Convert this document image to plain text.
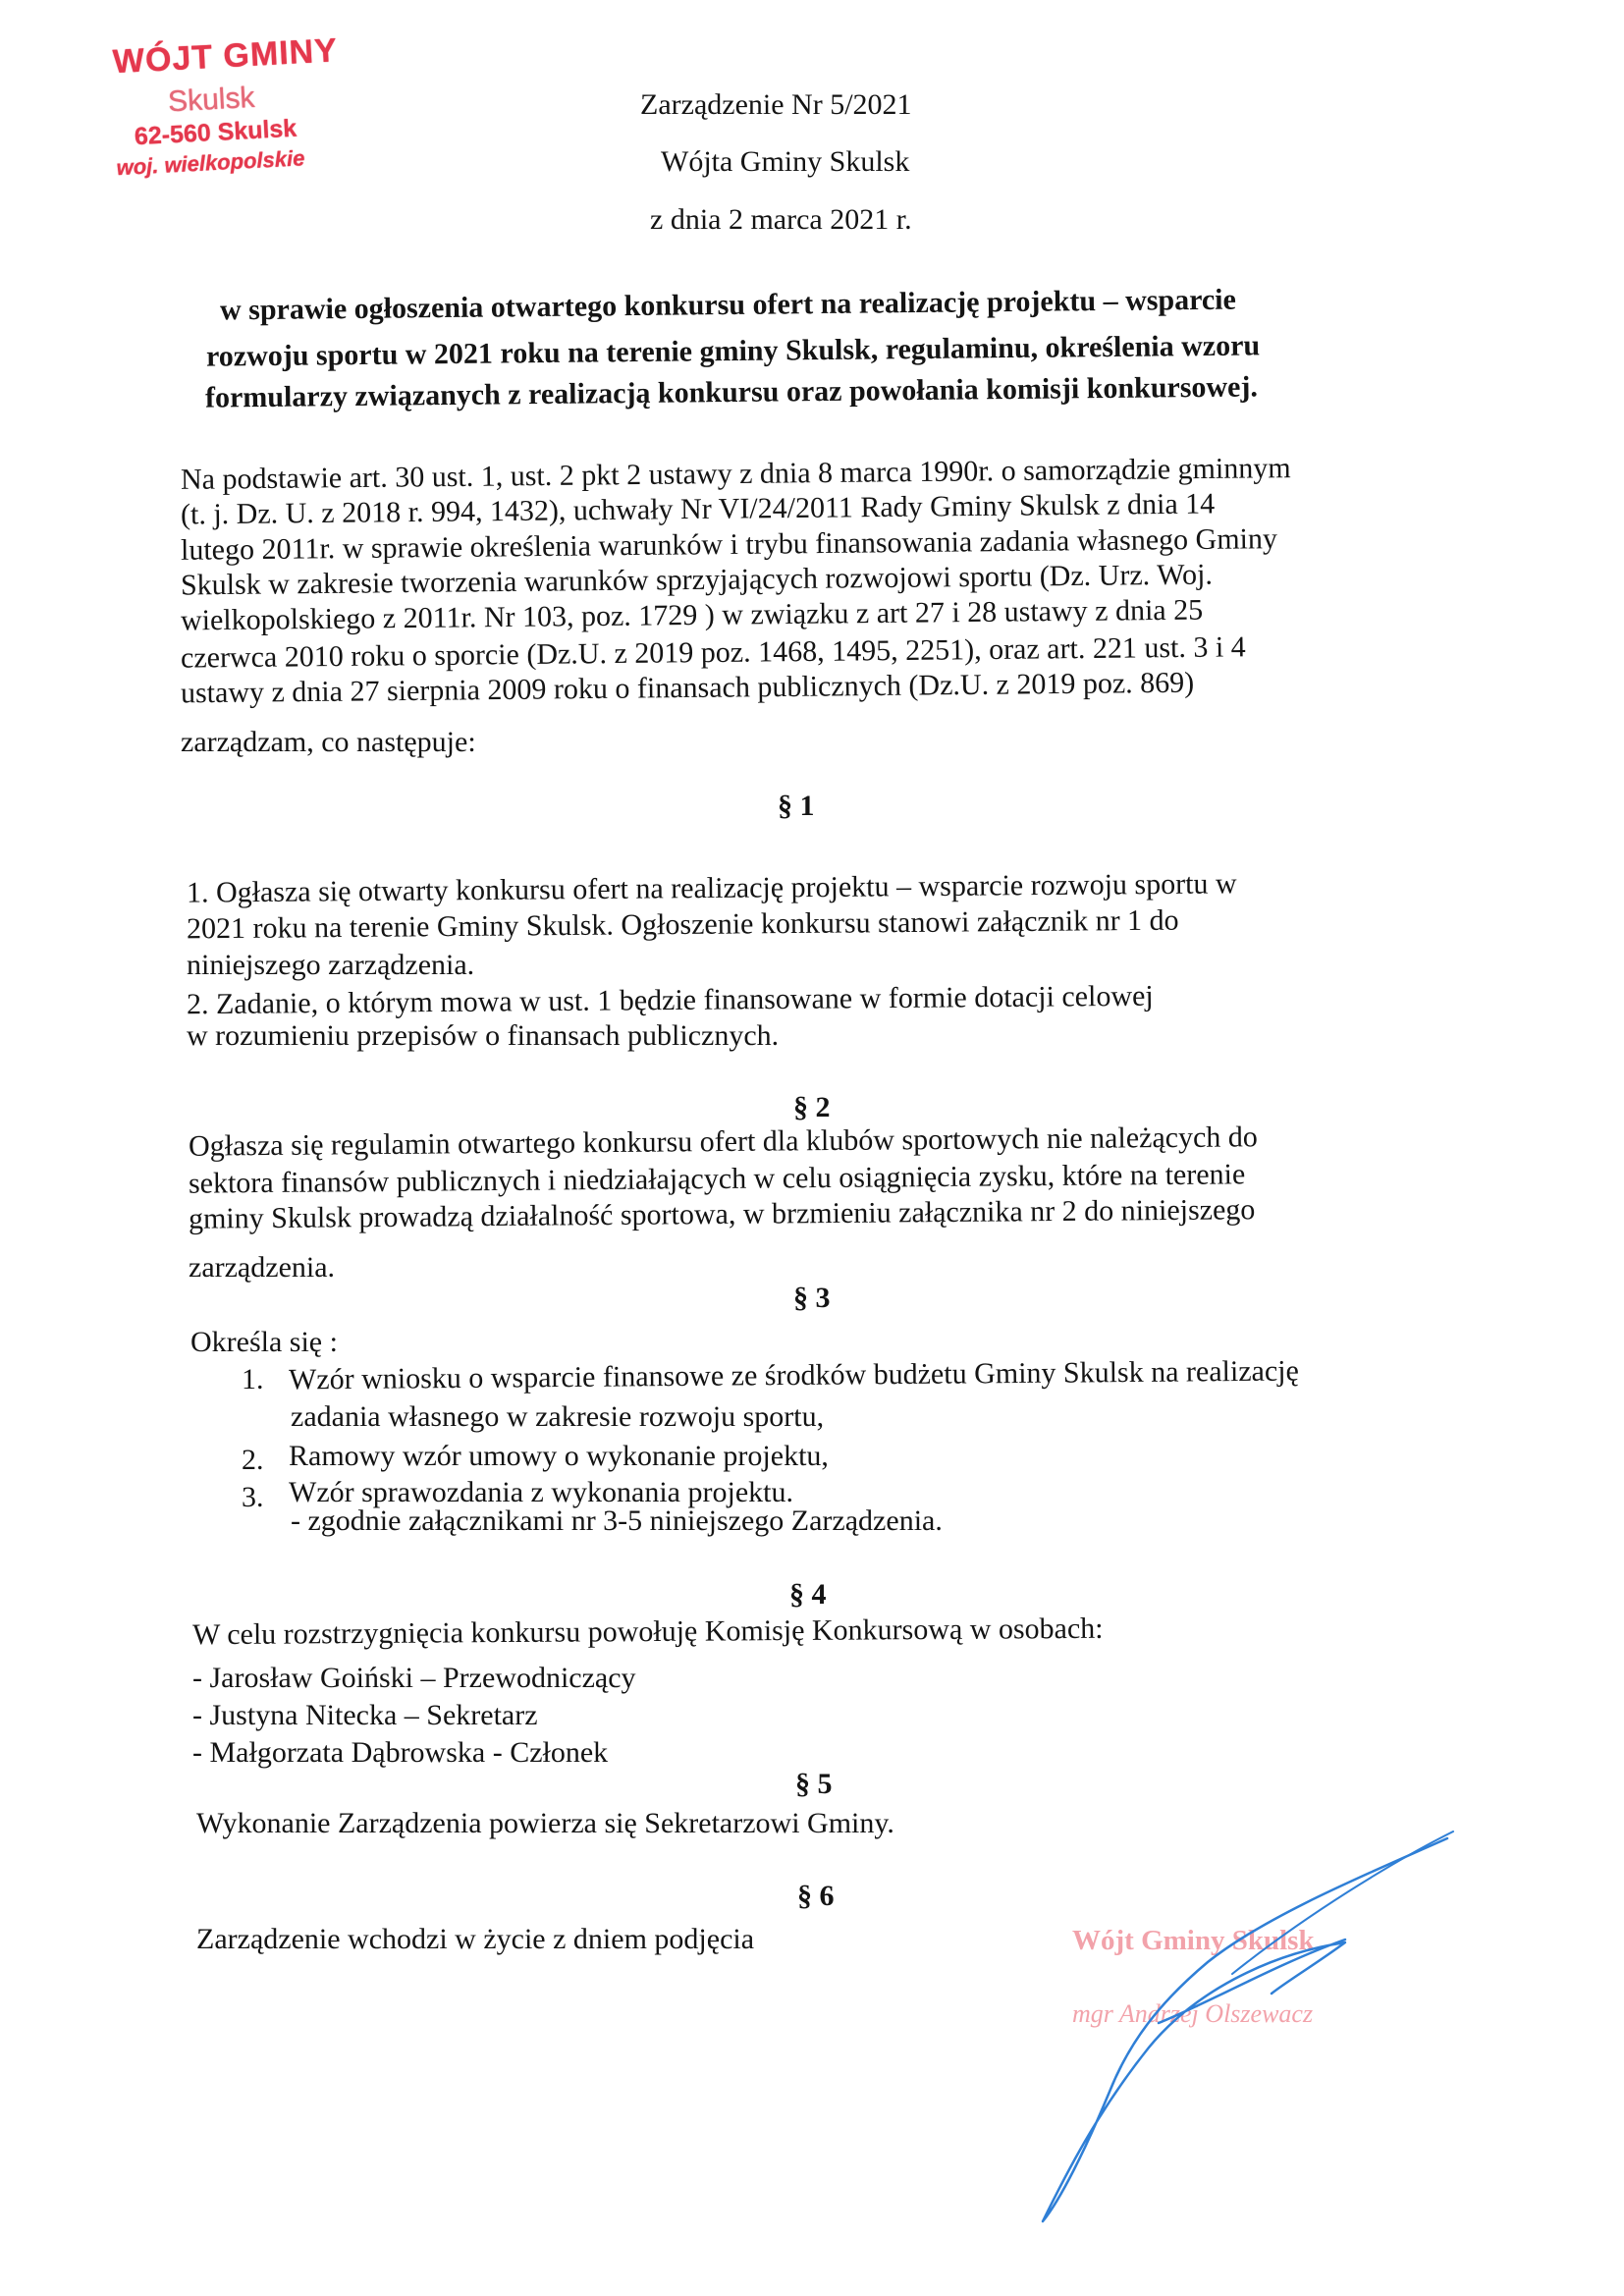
WÓJT GMINY
Skulsk
62-560 Skulsk
woj. wielkopolskie
Zarządzenie Nr 5/2021
Wójta Gminy Skulsk
z dnia 2 marca 2021 r.
w sprawie ogłoszenia otwartego konkursu ofert na realizację projektu – wsparcie
rozwoju sportu w 2021 roku na terenie gminy Skulsk, regulaminu, określenia wzoru
formularzy związanych z realizacją konkursu oraz powołania komisji konkursowej.
Na podstawie art. 30 ust. 1, ust. 2 pkt 2 ustawy z dnia 8 marca 1990r. o samorządzie gminnym
(t. j. Dz. U. z 2018 r. 994, 1432), uchwały Nr VI/24/2011 Rady Gminy Skulsk z dnia 14
lutego 2011r. w sprawie określenia warunków i trybu finansowania zadania własnego Gminy
Skulsk w zakresie tworzenia warunków sprzyjających rozwojowi sportu (Dz. Urz. Woj.
wielkopolskiego z 2011r. Nr 103, poz. 1729 ) w związku z art 27 i 28 ustawy z dnia 25
czerwca 2010 roku o sporcie (Dz.U. z 2019 poz. 1468, 1495, 2251), oraz art. 221 ust. 3 i 4
ustawy z dnia 27 sierpnia 2009 roku o finansach publicznych (Dz.U. z 2019 poz. 869)
zarządzam, co następuje:
§ 1
1. Ogłasza się otwarty konkursu ofert na realizację projektu – wsparcie rozwoju sportu w
2021 roku na terenie Gminy Skulsk. Ogłoszenie konkursu stanowi załącznik nr 1 do
niniejszego zarządzenia.
2. Zadanie, o którym mowa w ust. 1 będzie finansowane w formie dotacji celowej
w rozumieniu przepisów o finansach publicznych.
§ 2
Ogłasza się regulamin otwartego konkursu ofert dla klubów sportowych nie należących do
sektora finansów publicznych i niedziałających w celu osiągnięcia zysku, które na terenie
gminy Skulsk prowadzą działalność sportowa, w brzmieniu załącznika nr 2 do niniejszego
zarządzenia.
§ 3
Określa się :
1. Wzór wniosku o wsparcie finansowe ze środków budżetu Gminy Skulsk na realizację
zadania własnego w zakresie rozwoju sportu,
2. Ramowy wzór umowy o wykonanie projektu,
3. Wzór sprawozdania z wykonania projektu.
- zgodnie załącznikami nr 3-5 niniejszego Zarządzenia.
§ 4
W celu rozstrzygnięcia konkursu powołuję Komisję Konkursową w osobach:
- Jarosław Goiński – Przewodniczący
- Justyna Nitecka – Sekretarz
- Małgorzata Dąbrowska - Członek
§ 5
Wykonanie Zarządzenia powierza się Sekretarzowi Gminy.
§ 6
Zarządzenie wchodzi w życie z dniem podjęcia	Wójt Gminy Skulsk
mgr Andrzej Olszewacz
